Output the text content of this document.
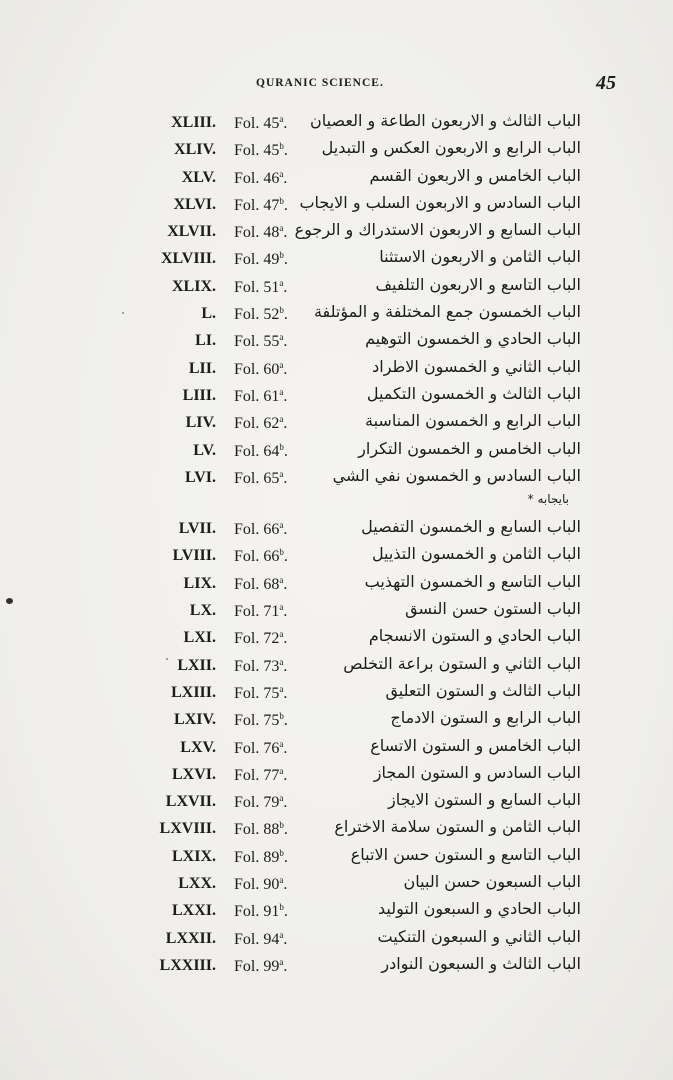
QURANIC SCIENCE.	45
XLIII. Fol. 45$^a$. الباب الثالث و الاربعون الطاعة و العصيان
XLIV. Fol. 45$^b$. الباب الرابع و الاربعون العكس و التبديل
XLV. Fol. 46$^a$.	الباب الخامس و الاربعون القسم
XLVI. Fol. 47$^b$. الباب السادس و الاربعون السلب و الايجاب
XLVII. Fol. 48$^a$. الباب السابع و الاربعون الاستدراك و الرجوع
XLVIII. Fol. 49$^b$.	الباب الثامن و الاربعون الاستثنا
XLIX. Fol. 51$^a$.	الباب التاسع و الاربعون التلفيف
L. Fol. 52$^b$. الباب الخمسون جمع المختلفة و المؤتلفة
LI. Fol. 55$^a$.	الباب الحادي و الخمسون التوهيم
LII. Fol. 60$^a$.	الباب الثاني و الخمسون الاطراد
LIII. Fol. 61$^a$.	الباب الثالث و الخمسون التكميل
LIV. Fol. 62$^a$.	الباب الرابع و الخمسون المناسبة
LV. Fol. 64$^b$.	الباب الخامس و الخمسون التكرار
LVI. Fol. 65$^a$.	الباب السادس و الخمسون نفي الشي
بايجابه *
LVII. Fol. 66$^a$.	الباب السابع و الخمسون التفصيل
LVIII. Fol. 66$^b$.	الباب الثامن و الخمسون التذييل
LIX. Fol. 68$^a$.	الباب التاسع و الخمسون التهذيب
LX. Fol. 71$^a$.	الباب الستون حسن النسق
LXI. Fol. 72$^a$.	الباب الحادي و الستون الانسجام
LXII. Fol. 73$^a$.	الباب الثاني و الستون براعة التخلص
LXIII. Fol. 75$^a$.	الباب الثالث و الستون التعليق
LXIV. Fol. 75$^b$.	الباب الرابع و الستون الادماج
LXV. Fol. 76$^a$.	الباب الخامس و الستون الاتساع
LXVI. Fol. 77$^a$.	الباب السادس و الستون المجاز
LXVII. Fol. 79$^a$.	الباب السابع و الستون الايجاز
LXVIII. Fol. 88$^b$.	الباب الثامن و الستون سلامة الاختراع
LXIX. Fol. 89$^b$.	الباب التاسع و الستون حسن الاتباع
LXX. Fol. 90$^a$.	الباب السبعون حسن البيان
LXXI. Fol. 91$^b$.	الباب الحادي و السبعون التوليد
LXXII. Fol. 94$^a$.	الباب الثاني و السبعون التنكيت
LXXIII. Fol. 99$^a$.	الباب الثالث و السبعون النوادر
